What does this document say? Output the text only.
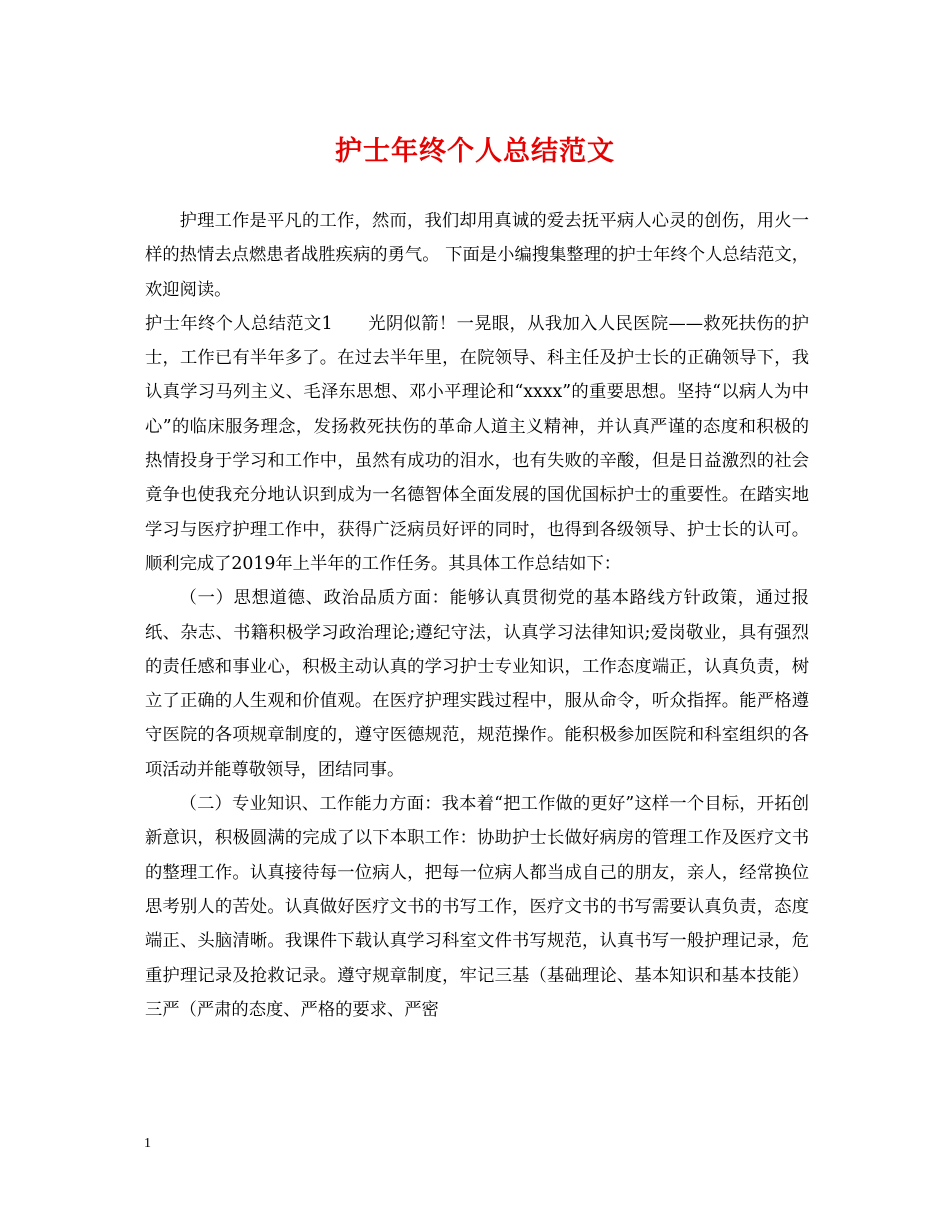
护士年终个人总结范文

护理工作是平凡的工作，然而，我们却用真诚的爱去抚平病人心灵的创伤，用火一样的热情去点燃患者战胜疾病的勇气。 下面是小编搜集整理的护士年终个人总结范文，欢迎阅读。

护士年终个人总结范文1　　光阴似箭！一晃眼，从我加入人民医院——救死扶伤的护士，工作已有半年多了。在过去半年里，在院领导、科主任及护士长的正确领导下，我认真学习马列主义、毛泽东思想、邓小平理论和“xxxx”的重要思想。坚持“以病人为中心”的临床服务理念，发扬救死扶伤的革命人道主义精神，并认真严谨的态度和积极的热情投身于学习和工作中，虽然有成功的泪水，也有失败的辛酸，但是日益激烈的社会竟争也使我充分地认识到成为一名德智体全面发展的国优国标护士的重要性。在踏实地学习与医疗护理工作中，获得广泛病员好评的同时，也得到各级领导、护士长的认可。顺利完成了2019年上半年的工作任务。其具体工作总结如下：

（一）思想道德、政治品质方面：能够认真贯彻党的基本路线方针政策，通过报纸、杂志、书籍积极学习政治理论;遵纪守法，认真学习法律知识;爱岗敬业，具有强烈的责任感和事业心，积极主动认真的学习护士专业知识，工作态度端正，认真负责，树立了正确的人生观和价值观。在医疗护理实践过程中，服从命令，听众指挥。能严格遵守医院的各项规章制度的，遵守医德规范，规范操作。能积极参加医院和科室组织的各项活动并能尊敬领导，团结同事。

（二）专业知识、工作能力方面：我本着“把工作做的更好”这样一个目标，开拓创新意识，积极圆满的完成了以下本职工作：协助护士长做好病房的管理工作及医疗文书的整理工作。认真接待每一位病人，把每一位病人都当成自己的朋友，亲人，经常换位思考别人的苦处。认真做好医疗文书的书写工作，医疗文书的书写需要认真负责，态度端正、头脑清晰。我课件下载认真学习科室文件书写规范，认真书写一般护理记录，危重护理记录及抢救记录。遵守规章制度，牢记三基（基础理论、基本知识和基本技能）三严（严肃的态度、严格的要求、严密

1
